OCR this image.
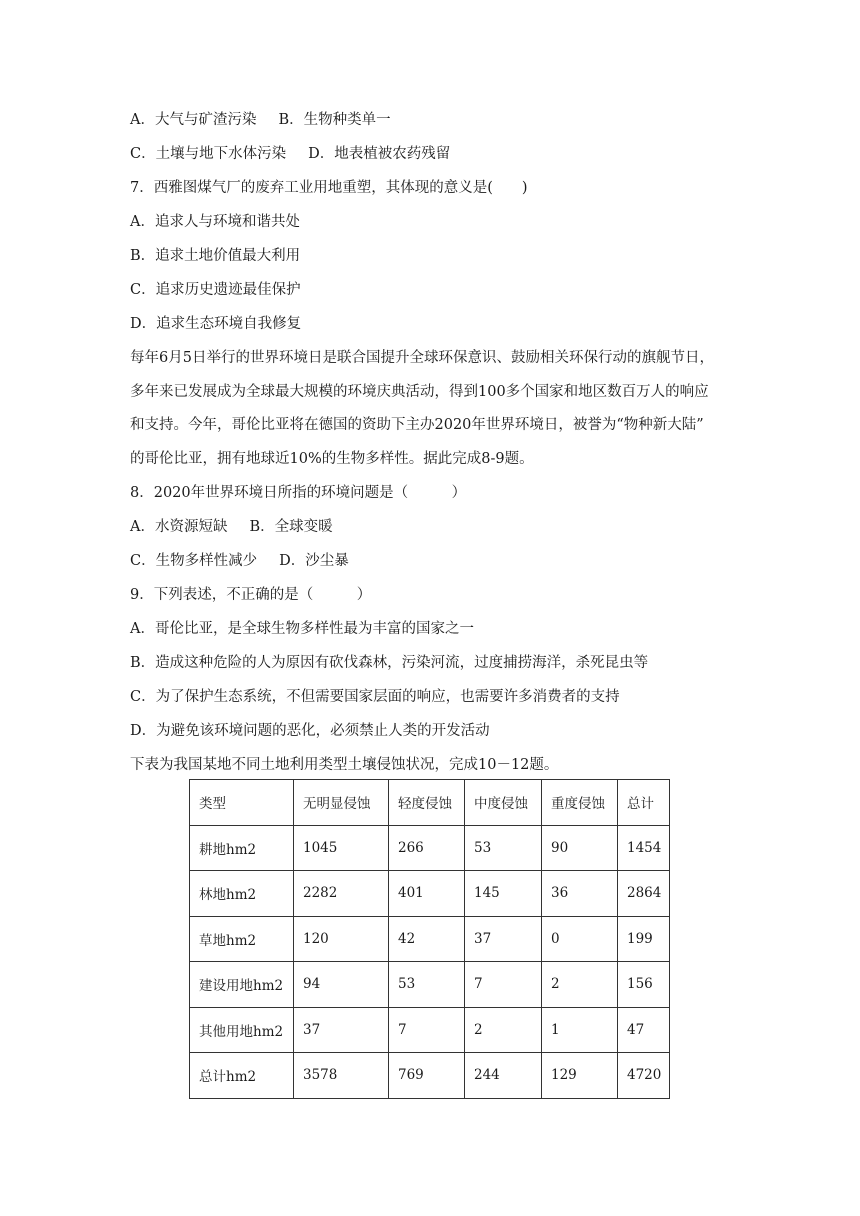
A．大气与矿渣污染 B．生物种类单一
C．土壤与地下水体污染 D．地表植被农药残留
7．西雅图煤气厂的废弃工业用地重塑，其体现的意义是(　　)
A．追求人与环境和谐共处
B．追求土地价值最大利用
C．追求历史遗迹最佳保护
D．追求生态环境自我修复
每年6月5日举行的世界环境日是联合国提升全球环保意识、鼓励相关环保行动的旗舰节日，
多年来已发展成为全球最大规模的环境庆典活动，得到100多个国家和地区数百万人的响应
和支持。今年，哥伦比亚将在德国的资助下主办2020年世界环境日，被誉为“物种新大陆”
的哥伦比亚，拥有地球近10%的生物多样性。据此完成8-9题。
8．2020年世界环境日所指的环境问题是（　　　）
A．水资源短缺 B．全球变暖
C．生物多样性减少 D．沙尘暴
9．下列表述，不正确的是（　　　）
A．哥伦比亚，是全球生物多样性最为丰富的国家之一
B．造成这种危险的人为原因有砍伐森林，污染河流，过度捕捞海洋，杀死昆虫等
C．为了保护生态系统，不但需要国家层面的响应，也需要许多消费者的支持
D．为避免该环境问题的恶化，必须禁止人类的开发活动
下表为我国某地不同土地利用类型土壤侵蚀状况，完成10－12题。
类型	无明显侵蚀	轻度侵蚀	中度侵蚀	重度侵蚀	总计
耕地hm2	1045	266	53	90	1454
林地hm2	2282	401	145	36	2864
草地hm2	120	42	37	0	199
建设用地hm2	94	53	7	2	156
其他用地hm2	37	7	2	1	47
总计hm2	3578	769	244	129	4720
